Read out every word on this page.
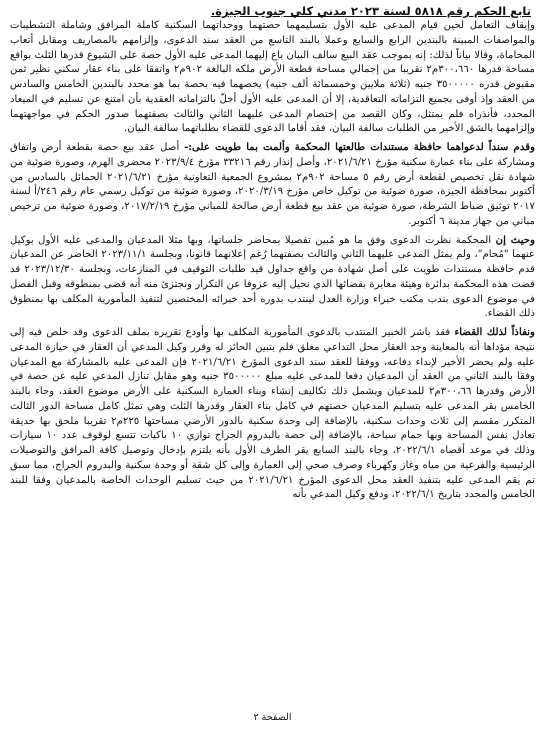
تابع الحكم رقم ٥٨١٨ لسنة ٢٠٢٣ مدني كلي جنوب الجيزة.

وإيقاف التعامل لحين قيام المدعى عليه الأول بتسليمهما حصتهما ووحداتهما السكنية كاملة المرافق وشاملة التشطيبات والمواصفات المبينة بالبندين الرابع والسابع وعملا بالبند التاسع من العقد سند الدعوى، وإلزامهم بالمصاريف ومقابل أتعاب المحاماة، وقالا بياناً لذلك: إنه بموجب عقد البيع سالف البيان باع إليهما المدعى عليه الأول حصة على الشيوع قدرها الثلث بواقع مساحة قدرها ٣٠٠،٦٦٠م٢ تقريبا من إجمالي مساحة قطعة الأرض ملكه البالغة ٩٠٢م٢ واتفقا على بناء عقار سكني نظير ثمن مقبوض قدره ٣٥٠٠٠٠٠ جنيه (ثلاثة ملايين وخمسمائة ألف جنيه) يخصهما فيه بحصة بما هو محدد بالبندين الخامس والسادس من العقد وإذ أوفى بجميع التزاماته التعاقدية، إلا أن المدعى عليه الأول أخلّ بالتزاماته العقدية بأن امتنع عن تسليم في الميعاد المحدد، فأنذراه فلم يمتثل، وكان القصد من إختصام المدعى عليهما الثاني والثالث بصفتهما صدور الحكم في مواجهتهما وإلزامهما بالشق الأخير من الطلبات سالفة البيان، فقد أقاما الدعوى للقضاء بطلباتهما سالفة البيان.

وقدم سنداً لدعواهما حافظة مستندات طالعتها المحكمة وألمت بما طويت على:- أصل عقد بيع حصة بقطعة أرض واتفاق ومشاركة على بناء عمارة سكنية مؤرخ ٢٠٢١/٦/٢١، وأصل إنذار رقم ٣٣٢١٦ مؤرخ ٢٠٢٣/٩/٤ محضرى الهرم، وصورة ضوئية من شهادة نقل تخصيص لقطعة أرض رقم ٥ مساحة ٩٠٢م٢ بمشروع الجمعية التعاونية مؤرخ ٢٠٢١/٦/٢١ الحمائل بالسادس من أكتوبر بمحافظة الجيزة، صورة ضوئية من توكيل خاص مؤرخ ٢٠٢٠/٣/١٩، وصورة ضوئية من توكيل رسمي عام رقم ٢٤٦/أ لسنة ٢٠١٧ توثيق ضباط الشرطة، صورة ضوئية من عقد بيع قطعة أرض صالحة للمباني مؤرخ ٢٠١٧/٢/١٩، وصورة ضوئية من ترخيص مباني من جهاز مدينة ٦ أكتوبر.

وحيث إن المحكمة نظرت الدعوى وفق ما هو مُبين تفصيلا بمحاضر جلساتها، وبها مثلا المدعيان والمدعى عليه الأول بوكيل عنهما "مُحام"، ولم يمثل المدعى عليهما الثاني والثالث بصفتهما رُغم إعلانهما قانونا، وبجلسة ٢٠٢٣/١١/١ الحاضر عن المدعيان قدم حافظة مستندات طويت على أصل شهادة من واقع جداول قيد طلبات التوقيف في المنازعات، وبجلسة ٢٠٢٣/١٢/٣٠ قد قضت هذه المحكمة بدائرة وهيئة مغايرة بقضائها الذي نحيل إليه عزوفا عن التكرار ونجتزئ منه أنه قضى بمنطوقه وقبل الفصل في موضوع الدعوى بندب مكتب خبراء وزارة العدل لينتدب بدوره أحد خبرائه المختصين لتنفيذ المأمورية المكلف بها بمنطوق ذلك القضاء.

ونفاذاً لذلك القضاء فقد باشر الخبير المنتدب بالدعوى المأمورية المكلف بها وأودع تقريره بملف الدعوى وقد خلص فيه إلى نتيجة مؤداها أنه بالمعاينة وجد العقار محل التداعي مغلق فلم يتبين الحائز له وقرر وكيل المدعي أن العقار في حيازة المدعى عليه ولم يحضر الأخير لإبداء دفاعه، ووفقا للعقد سند الدعوى المؤرخ ٢٠٢١/٦/٢١ فإن المدعى عليه بالمشاركة مع المدعيان وفقا بالبند الثاني من العقد أن المدعيان دفعا للمدعى عليه مبلغ ٣٥٠٠٠٠٠ جنيه وهو مقابل تنازل المدعي عليه عن حصة في الأرض وقدرها ٣٠٠،٦٦م٢ للمدعيان ويشمل ذلك تكاليف إنشاء وبناء العمارة السكنية على الأرض موضوع العقد، وجاء بالبند الخامس بقر المدعى عليه بتسليم المدعيان حصتهم في كامل بناء العقار وقدرها الثلث وهي تمثل كامل مساحة الدور الثالث المتكرر مقسم إلى ثلاث وحدات سكنية، بالإضافة إلى وحدة سكنية بالدور الأرضي مساحتها ٢٢٥م٢ تقريبا ملحق بها حديقة تعادل نفس المساحة وبها حمام سباحة، بالإضافة إلى حصة بالبدروم الجراج توازي ١٠ باكيات تتسع لوقوف عدد ١٠ سيارات وذلك في موعد أقصاه ٢٠٢٢/٦/١، وجاء بالبند السابع يقر الطرف الأول بأنه يلتزم بإدخال وتوصيل كافة المرافق والتوصيلات الرئيسية والفرعية من مياه وغاز وكهرباء وصرف صحي إلى العمارة وإلى كل شقة أو وحدة سكنية والبدروم الجراج، مما سبق تم يقم المدعى عليه بتنفيذ العقد محل الدعوى المؤرخ ٢٠٢١/٦/٢١ من حيث تسليم الوحدات الخاصة بالمدعيان وفقا للبند الخامس والمحدد بتاريخ ٢٠٢٢/٦/١، ودفع وكيل المدعي بأنه

الصفحة ٢
